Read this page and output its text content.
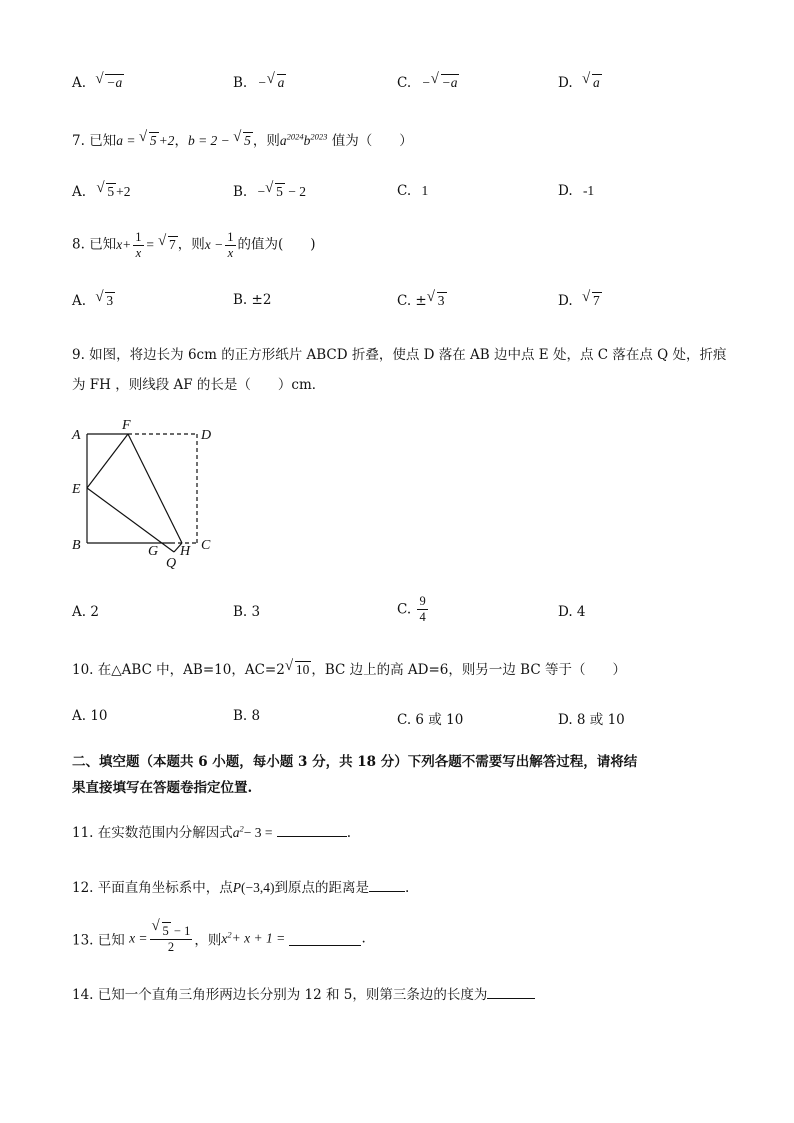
A. √ −a	B. − √ a	C. − √ −a	D. √ a
7. 已知a = √ 5 +2，b = 2 − √ 5 ，则$a^{2024}b^{2023}$ 值为（　　）
A. √ 5 +2	B. − √ 5 − 2	C. 1	D. -1
8. 已知$x+ \frac{1}{x}$ = √ 7 ，则$x - \frac{1}{x}$ 的值为(　　)
A. √ 3	B. ±2	C. ± √ 3	D. √ 7
9. 如图，将边长为 6cm 的正方形纸片 ABCD 折叠，使点 D 落在 AB 边中点 E 处，点 C 落在点 Q 处，折痕
为 FH ，则线段 AF 的长是（　　）cm．
A
F
D
E
B	G H C
Q
A. 2	B. 3	C. $\frac{9}{4}$	D. 4
10. 在△ABC 中，AB=10，AC=2 √ 10 ，BC 边上的高 AD=6，则另一边 BC 等于（　　）
A. 10	B. 8	C. 6 或 10	D. 8 或 10
二、填空题（本题共 6 小题，每小题 3 分，共 18 分）下列各题不需要写出解答过程，请将结
果直接填写在答题卷指定位置.
11. 在实数范围内分解因式$a^2- 3$ =	.
12. 平面直角坐标系中，点P(−3,4)到原点的距离是	.
13. 已知 x = √ $\frac{5 - 1}{2}$ ，则$x^2+ x + 1$ =	.
14. 已知一个直角三角形两边长分别为 12 和 5，则第三条边的长度为
